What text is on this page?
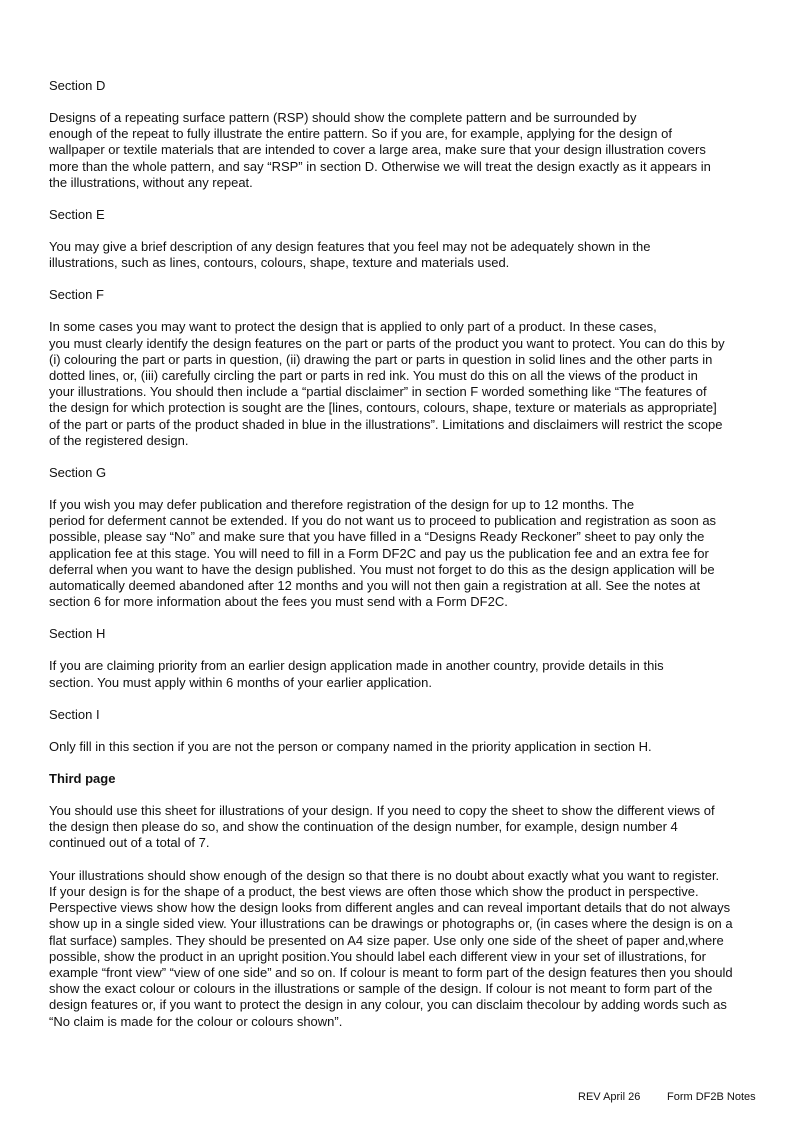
Section D
Designs of a repeating surface pattern (RSP) should show the complete pattern and be surrounded by
enough of the repeat to fully illustrate the entire pattern. So if you are, for example, applying for the design of
wallpaper or textile materials that are intended to cover a large area, make sure that your design illustration covers
more than the whole pattern, and say “RSP” in section D. Otherwise we will treat the design exactly as it appears in
the illustrations, without any repeat.
Section E
You may give a brief description of any design features that you feel may not be adequately shown in the
illustrations, such as lines, contours, colours, shape, texture and materials used.
Section F
In some cases you may want to protect the design that is applied to only part of a product. In these cases,
you must clearly identify the design features on the part or parts of the product you want to protect. You can do this by
(i) colouring the part or parts in question, (ii) drawing the part or parts in question in solid lines and the other parts in
dotted lines, or, (iii) carefully circling the part or parts in red ink. You must do this on all the views of the product in
your illustrations. You should then include a “partial disclaimer” in section F worded something like “The features of
the design for which protection is sought are the [lines, contours, colours, shape, texture or materials as appropriate]
of the part or parts of the product shaded in blue in the illustrations”. Limitations and disclaimers will restrict the scope
of the registered design.
Section G
If you wish you may defer publication and therefore registration of the design for up to 12 months. The
period for deferment cannot be extended. If you do not want us to proceed to publication and registration as soon as
possible, please say “No” and make sure that you have filled in a “Designs Ready Reckoner” sheet to pay only the
application fee at this stage. You will need to fill in a Form DF2C and pay us the publication fee and an extra fee for
deferral when you want to have the design published. You must not forget to do this as the design application will be
automatically deemed abandoned after 12 months and you will not then gain a registration at all. See the notes at
section 6 for more information about the fees you must send with a Form DF2C.
Section H
If you are claiming priority from an earlier design application made in another country, provide details in this
section. You must apply within 6 months of your earlier application.
Section I
Only fill in this section if you are not the person or company named in the priority application in section H.
Third page
You should use this sheet for illustrations of your design. If you need to copy the sheet to show the different views of
the design then please do so, and show the continuation of the design number, for example, design number 4
continued out of a total of 7.
Your illustrations should show enough of the design so that there is no doubt about exactly what you want to register.
If your design is for the shape of a product, the best views are often those which show the product in perspective.
Perspective views show how the design looks from different angles and can reveal important details that do not always
show up in a single sided view. Your illustrations can be drawings or photographs or, (in cases where the design is on a
flat surface) samples. They should be presented on A4 size paper. Use only one side of the sheet of paper and,where
possible, show the product in an upright position.You should label each different view in your set of illustrations, for
example “front view” “view of one side” and so on. If colour is meant to form part of the design features then you should
show the exact colour or colours in the illustrations or sample of the design. If colour is not meant to form part of the
design features or, if you want to protect the design in any colour, you can disclaim thecolour by adding words such as
“No claim is made for the colour or colours shown”.
REV April 26 Form DF2B Notes
